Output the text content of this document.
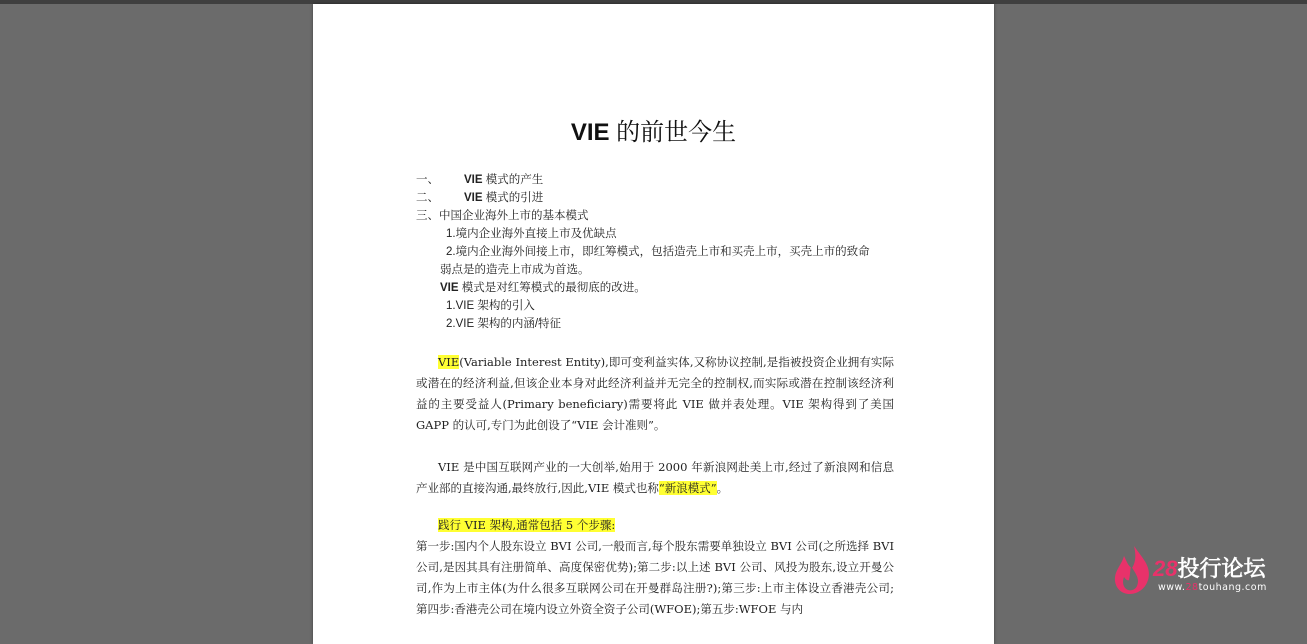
VIE 的前世今生
一、 VIE 模式的产生
二、 VIE 模式的引进
三、中国企业海外上市的基本模式
1.境内企业海外直接上市及优缺点
2.境内企业海外间接上市，即红筹模式，包括造壳上市和买壳上市，买壳上市的致命
弱点是的造壳上市成为首选。
VIE 模式是对红筹模式的最彻底的改进。
1.VIE 架构的引入
2.VIE 架构的内涵/特征

VIE(Variable Interest Entity),即可变利益实体,又称协议控制,是指被投资企业拥有实际或潜在的经济利益,但该企业本身对此经济利益并无完全的控制权,而实际或潜在控制该经济利益的主要受益人(Primary beneficiary)需要将此 VIE 做并表处理。VIE 架构得到了美国 GAPP 的认可,专门为此创设了“VIE 会计准则”。

VIE 是中国互联网产业的一大创举,始用于 2000 年新浪网赴美上市,经过了新浪网和信息产业部的直接沟通,最终放行,因此,VIE 模式也称“新浪模式”。

践行 VIE 架构,通常包括 5 个步骤:

第一步:国内个人股东设立 BVI 公司,一般而言,每个股东需要单独设立 BVI 公司(之所选择 BVI 公司,是因其具有注册简单、高度保密优势);第二步:以上述 BVI 公司、风投为股东,设立开曼公司,作为上市主体(为什么很多互联网公司在开曼群岛注册?);第三步:上市主体设立香港壳公司;第四步:香港壳公司在境内设立外资全资子公司(WFOE);第五步:WFOE 与内

28投行论坛
www.28touhang.com
